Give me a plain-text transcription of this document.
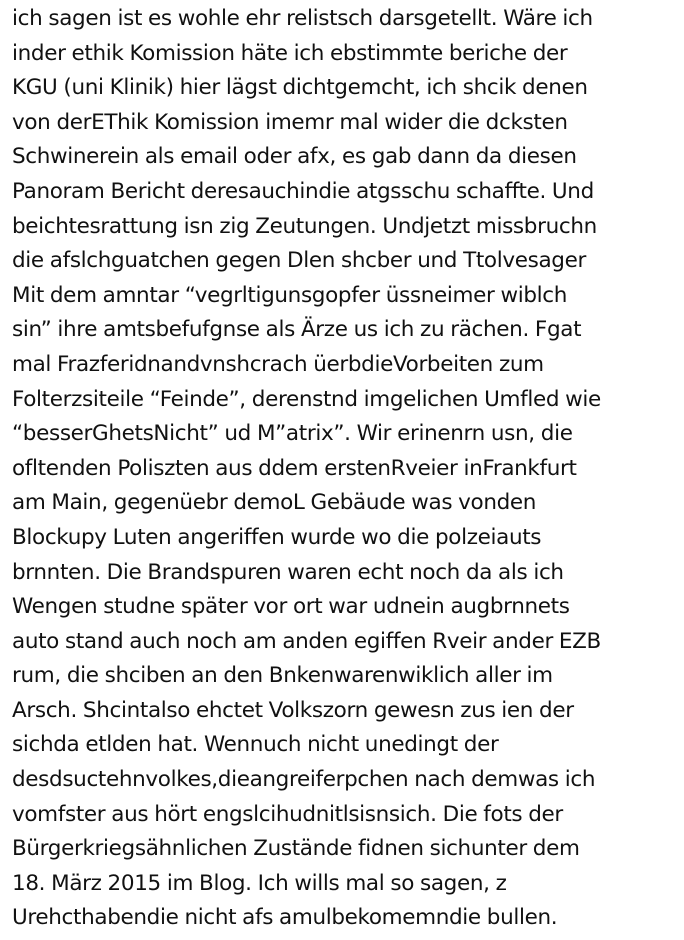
ich sagen ist es wohle ehr relistsch darsgetellt. Wäre ich
inder ethik Komission häte ich ebstimmte beriche der
KGU (uni Klinik) hier lägst dichtgemcht, ich shcik denen
von derEThik Komission imemr mal wider die dcksten
Schwinerein als email oder afx, es gab dann da diesen
Panoram Bericht deresauchindie atgsschu schaffte. Und
beichtesrattung isn zig Zeutungen. Undjetzt missbruchn
die afslchguatchen gegen Dlen shcber und Ttolvesager
Mit dem amntar “vegrltigunsgopfer üssneimer wiblch
sin” ihre amtsbefufgnse als Ärze us ich zu rächen. Fgat
mal Frazferidnandvnshcrach üerbdieVorbeiten zum
Folterzsiteile “Feinde”, derenstnd imgelichen Umfled wie
“besserGhetsNicht” ud M”atrix”. Wir erinenrn usn, die
ofltenden Poliszten aus ddem erstenRveier inFrankfurt
am Main, gegenüebr demoL Gebäude was vonden
Blockupy Luten angeriffen wurde wo die polzeiauts
brnnten. Die Brandspuren waren echt noch da als ich
Wengen studne später vor ort war udnein augbrnnets
auto stand auch noch am anden egiffen Rveir ander EZB
rum, die shciben an den Bnkenwarenwiklich aller im
Arsch. Shcintalso ehctet Volkszorn gewesn zus ien der
sichda etlden hat. Wennuch nicht unedingt der
desdsuctehnvolkes,dieangreiferpchen nach demwas ich
vomfster aus hört engslcihudnitlsisnsich. Die fots der
Bürgerkriegsähnlichen Zustände fidnen sichunter dem
18. März 2015 im Blog. Ich wills mal so sagen, z
Urehcthabendie nicht afs amulbekomemndie bullen.
